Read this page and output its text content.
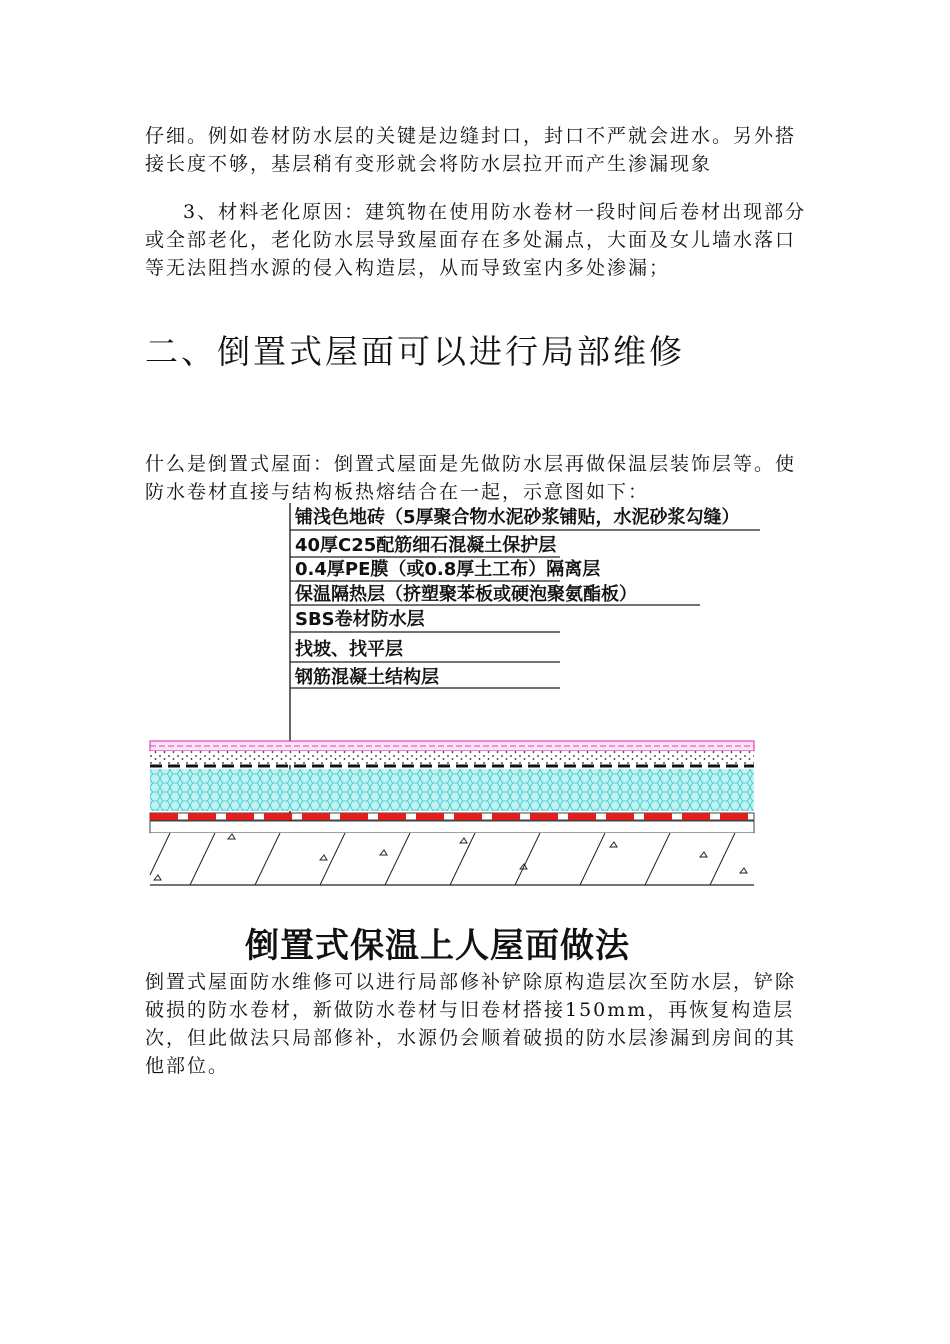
仔细。例如卷材防水层的关键是边缝封口，封口不严就会进水。另外搭接长度不够，基层稍有变形就会将防水层拉开而产生渗漏现象

3、材料老化原因：建筑物在使用防水卷材一段时间后卷材出现部分或全部老化，老化防水层导致屋面存在多处漏点，大面及女儿墙水落口等无法阻挡水源的侵入构造层，从而导致室内多处渗漏；

二、倒置式屋面可以进行局部维修

什么是倒置式屋面：倒置式屋面是先做防水层再做保温层装饰层等。使防水卷材直接与结构板热熔结合在一起，示意图如下：

铺浅色地砖（5厚聚合物水泥砂浆铺贴，水泥砂浆勾缝）
40厚C25配筋细石混凝土保护层
0.4厚PE膜（或0.8厚土工布）隔离层
保温隔热层（挤塑聚苯板或硬泡聚氨酯板）
SBS卷材防水层
找坡、找平层
钢筋混凝土结构层
倒置式保温上人屋面做法

倒置式屋面防水维修可以进行局部修补铲除原构造层次至防水层，铲除破损的防水卷材，新做防水卷材与旧卷材搭接150mm，再恢复构造层次，但此做法只局部修补，水源仍会顺着破损的防水层渗漏到房间的其他部位。
